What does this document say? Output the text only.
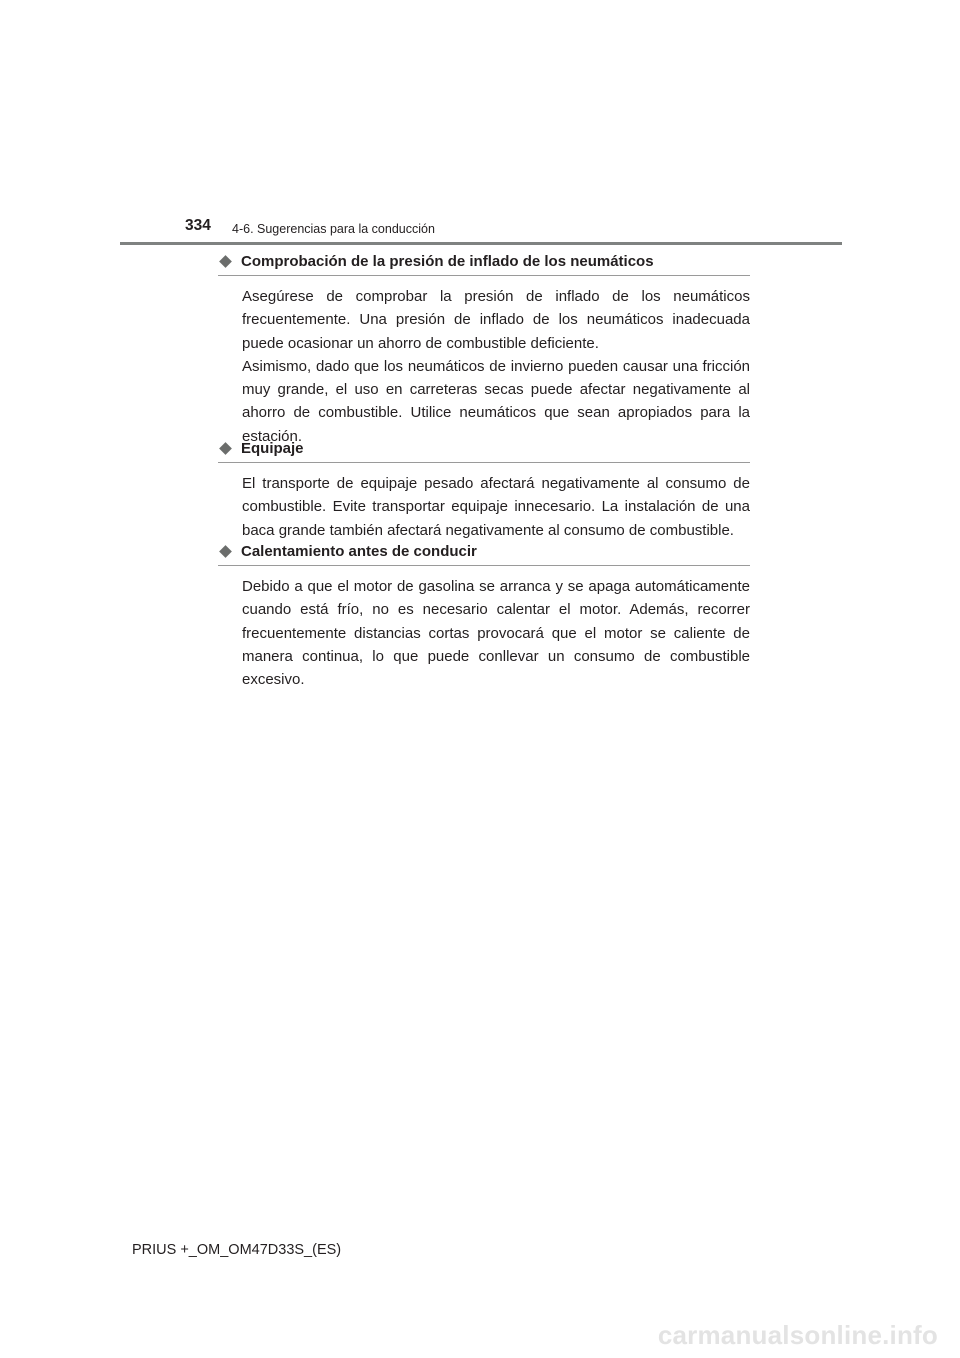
334 4-6. Sugerencias para la conducción
Comprobación de la presión de inflado de los neumáticos

Asegúrese de comprobar la presión de inflado de los neumáticos frecuentemente. Una presión de inflado de los neumáticos inadecuada puede ocasionar un ahorro de combustible deficiente.

Asimismo, dado que los neumáticos de invierno pueden causar una fricción muy grande, el uso en carreteras secas puede afectar negativamente al ahorro de combustible. Utilice neumáticos que sean apropiados para la estación.

Equipaje

El transporte de equipaje pesado afectará negativamente al consumo de combustible. Evite transportar equipaje innecesario. La instalación de una baca grande también afectará negativamente al consumo de combustible.

Calentamiento antes de conducir

Debido a que el motor de gasolina se arranca y se apaga automáticamente cuando está frío, no es necesario calentar el motor. Además, recorrer frecuentemente distancias cortas provocará que el motor se caliente de manera continua, lo que puede conllevar un consumo de combustible excesivo.

PRIUS +_OM_OM47D33S_(ES)
carmanualsonline.info
